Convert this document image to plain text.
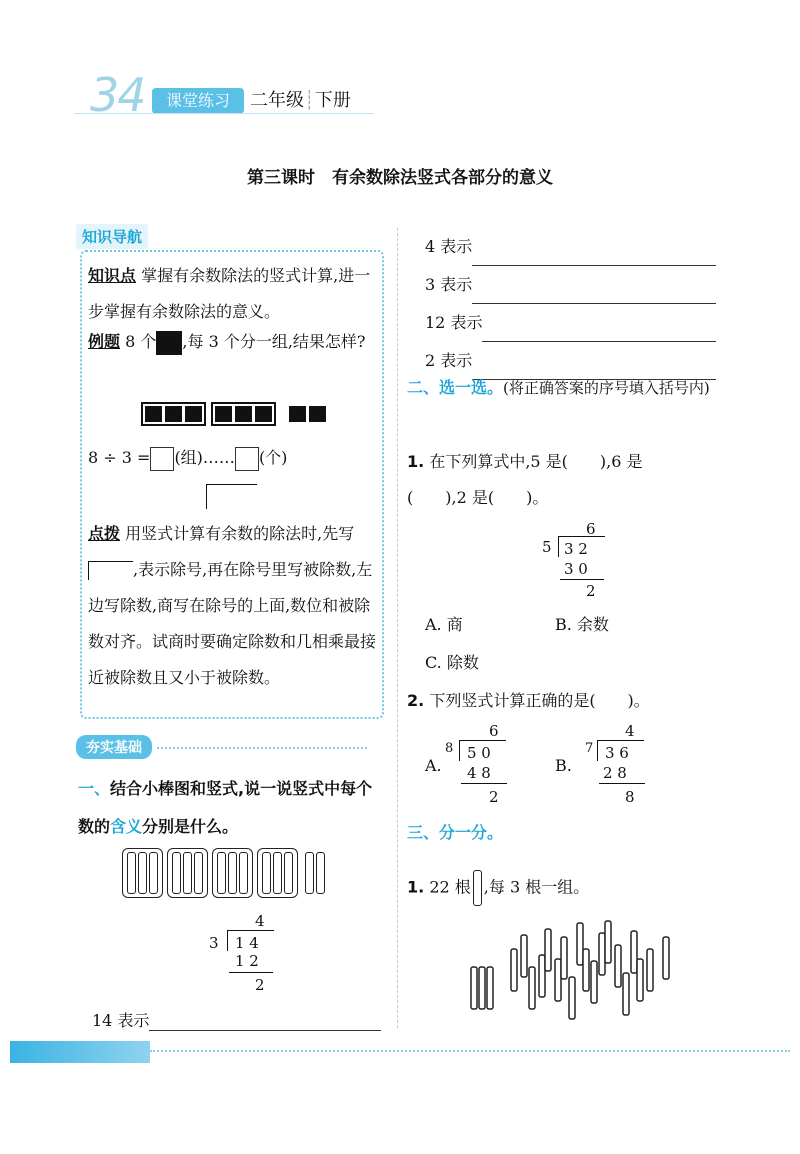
34	课堂练习	二年级┊下册
第三课时　有余数除法竖式各部分的意义
知识导航
知识点 掌握有余数除法的竖式计算,进一步掌握有余数除法的意义。
例题 8 个 ,每 3 个分一组,结果怎样?

8 ÷ 3 = (组)…… (个)
点拨 用竖式计算有余数的除法时,先写,表示除号,再在除号里写被除数,左边写除数,商写在除号的上面,数位和被除数对齐。试商时要确定除数和几相乘最接近被除数且又小于被除数。
夯实基础
一、结合小棒图和竖式,说一说竖式中每个数的含义分别是什么。
4
3 1 4
1 2
2
14 表示
4 表示
3 表示
12 表示
2 表示
二、选一选。(将正确答案的序号填入括号内)
1. 在下列算式中,5 是(　　),6 是
(　　),2 是(　　)。
6
5 3 2
3 0
2
A. 商	B. 余数
C. 除数
2. 下列竖式计算正确的是(　　)。
A.
6
8 5 0
4 8
2
B.
4
7 3 6
2 8
8
三、分一分。
1. 22 根 ,每 3 根一组。
